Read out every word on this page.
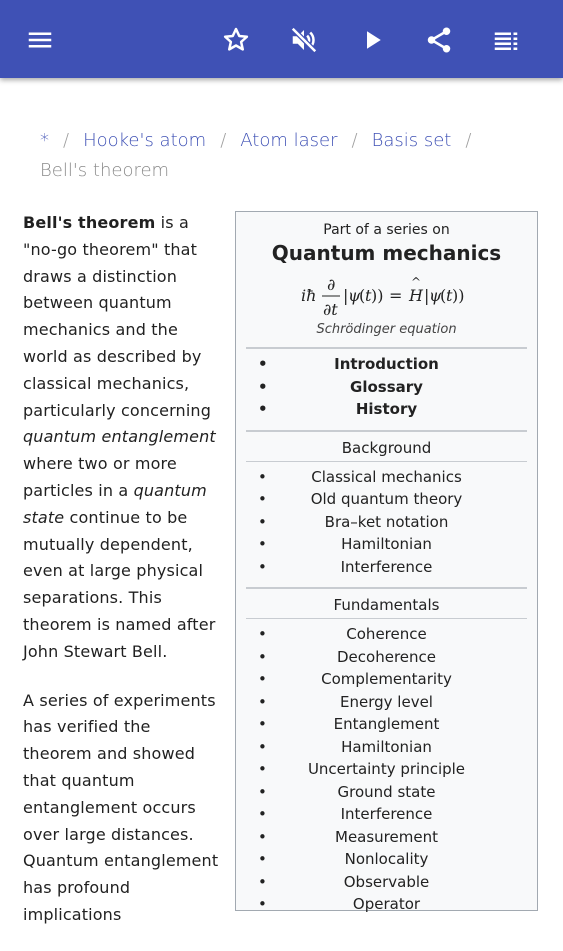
* / Hooke's atom / Atom laser / Basis set /
Bell's theorem

Bell's theorem is a "no-go theorem" that draws a distinction between quantum mechanics and the world as described by classical mechanics, particularly concerning quantum entanglement where two or more particles in a quantum state continue to be mutually dependent, even at large physical separations. This theorem is named after John Stewart Bell.

A series of experiments has verified the theorem and showed that quantum entanglement occurs over large distances. Quantum entanglement has profound implications

Part of a series on
Quantum mechanics
iħ
∂
∂t
| ψ
( t )) = H
^
| ψ
( t ))
Schrödinger equation
• Introduction
• Glossary
• History
Background
• Classical mechanics
• Old quantum theory
• Bra–ket notation
• Hamiltonian
• Interference
Fundamentals
• Coherence
• Decoherence
• Complementarity
• Energy level
• Entanglement
• Hamiltonian
• Uncertainty principle
• Ground state
• Interference
• Measurement
• Nonlocality
• Observable
• Operator
